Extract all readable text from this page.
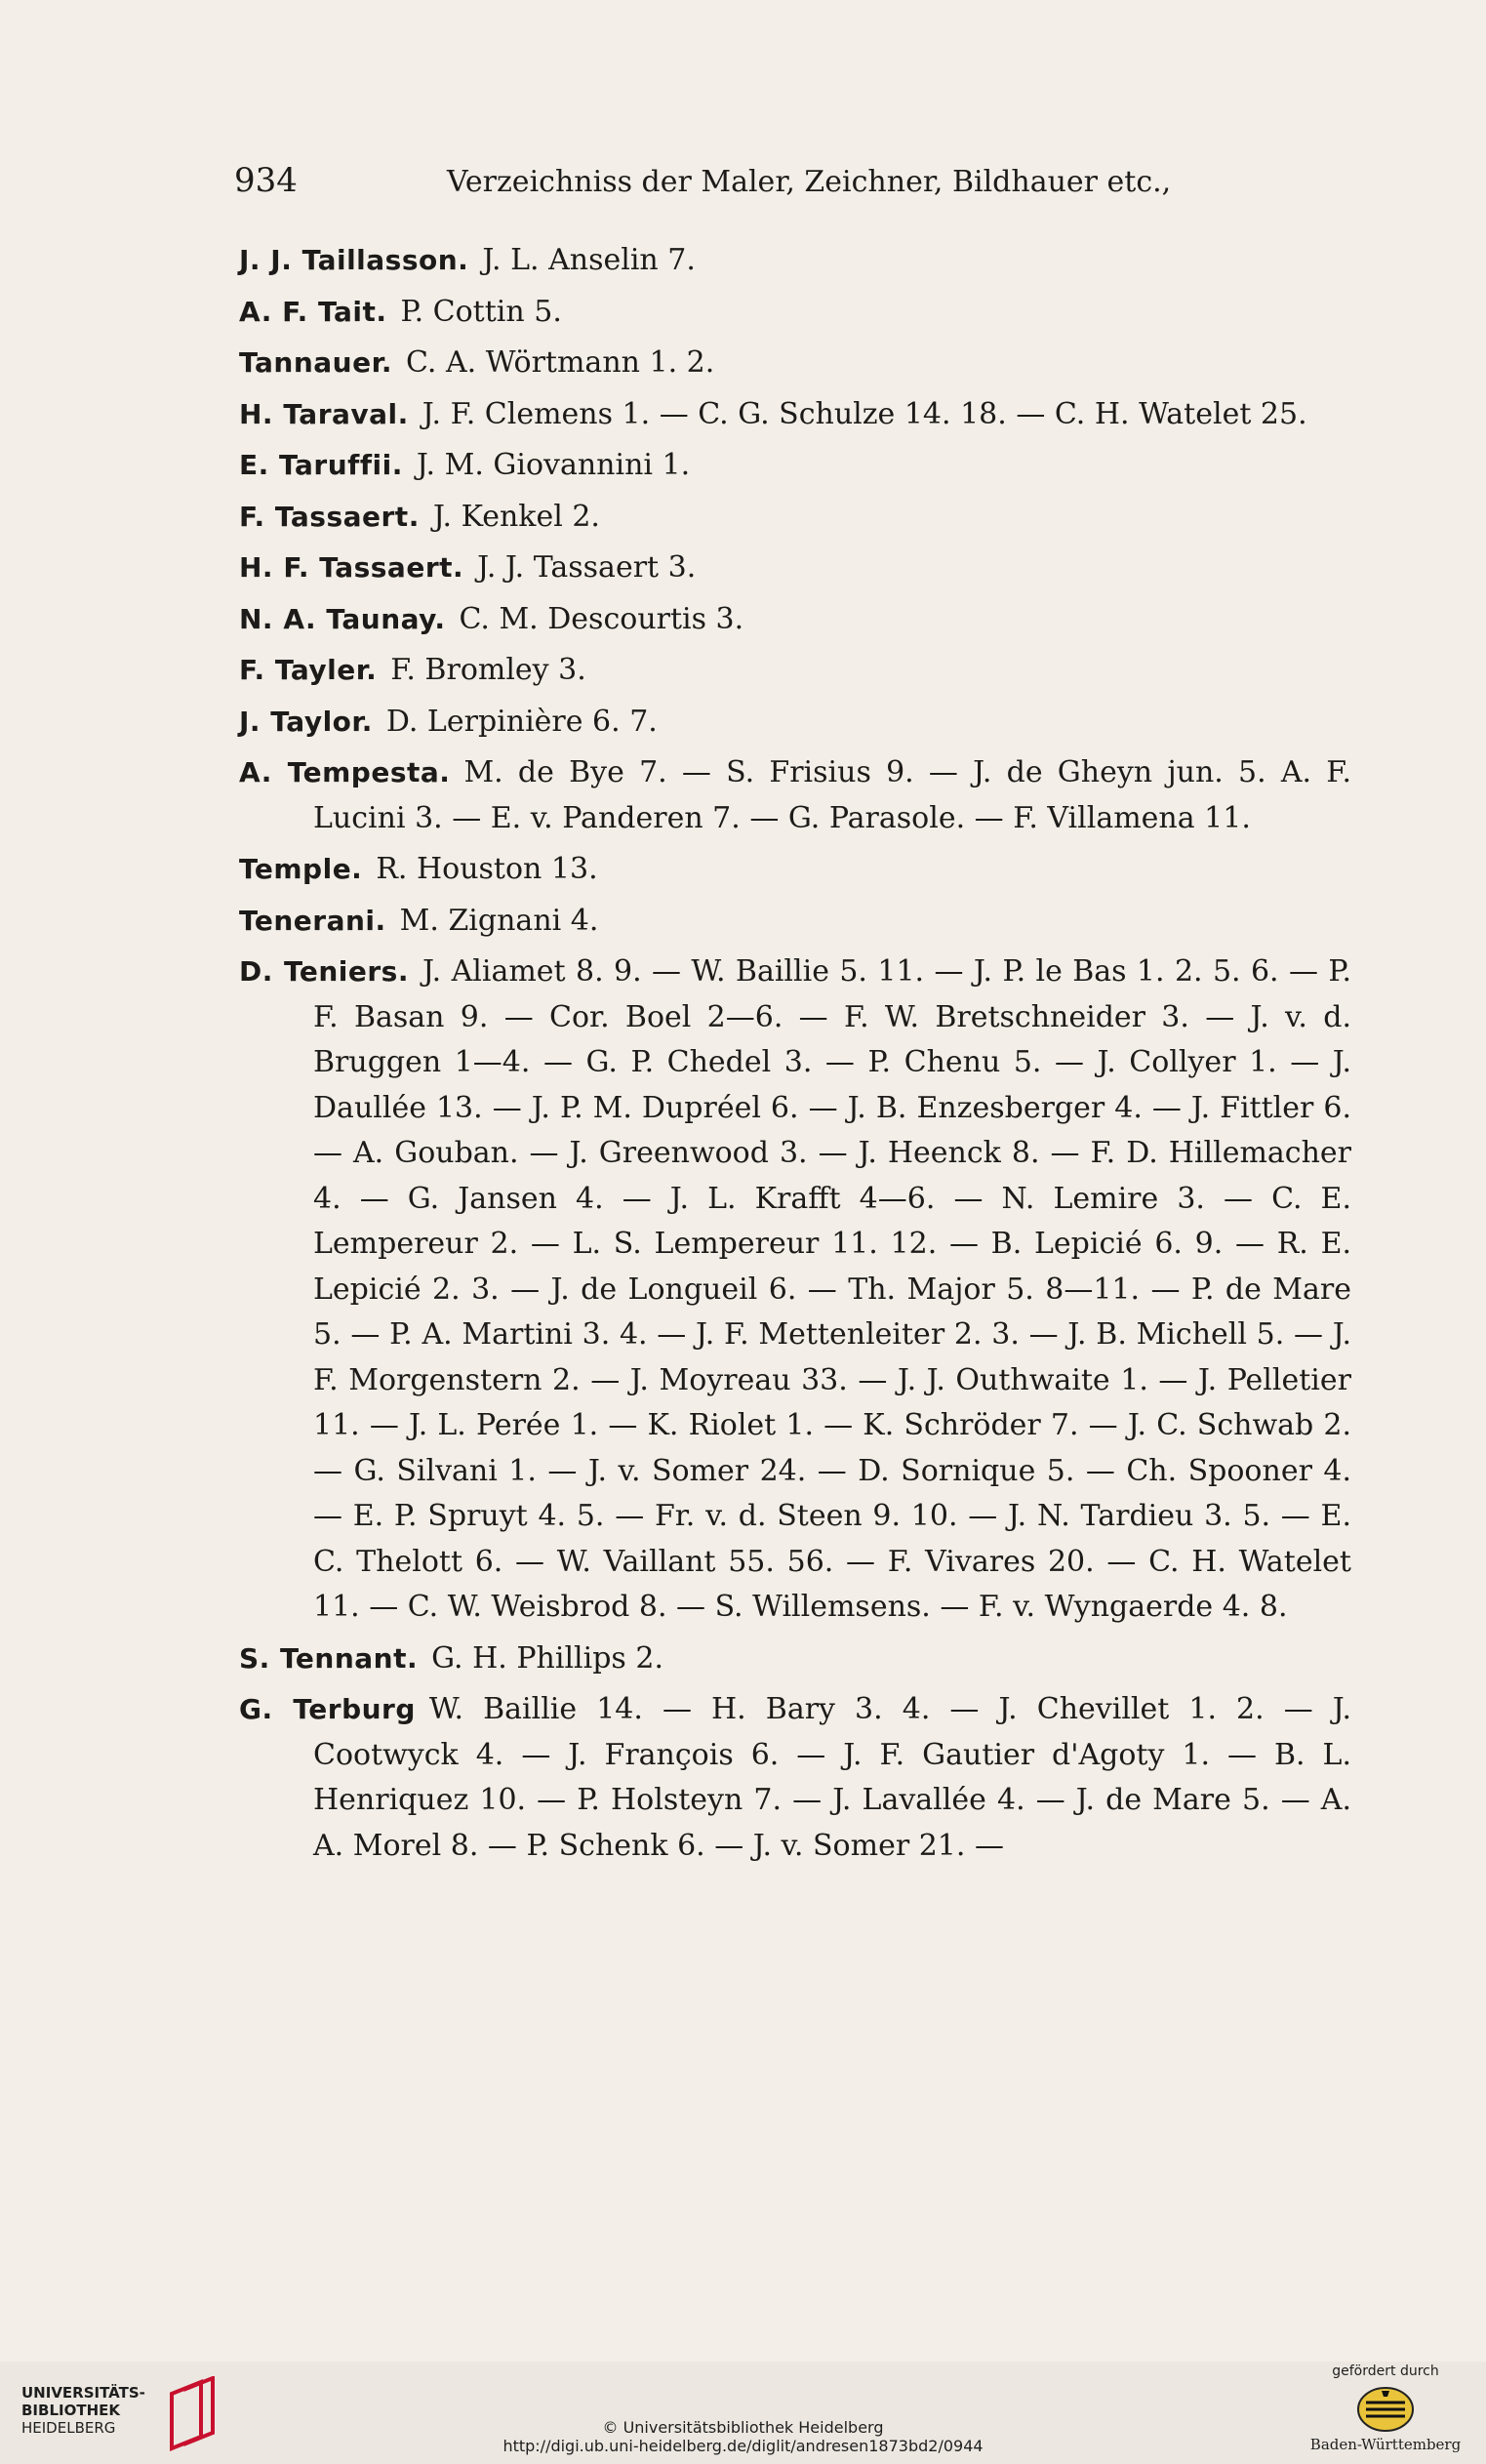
934	Verzeichniss der Maler, Zeichner, Bildhauer etc.,
J. J. Taillasson. J. L. Anselin 7.
A. F. Tait. P. Cottin 5.
Tannauer. C. A. Wörtmann 1. 2.
H. Taraval. J. F. Clemens 1. — C. G. Schulze 14. 18. — C. H. Watelet 25.
E. Taruffii. J. M. Giovannini 1.
F. Tassaert. J. Kenkel 2.
H. F. Tassaert. J. J. Tassaert 3.
N. A. Taunay. C. M. Descourtis 3.
F. Tayler. F. Bromley 3.
J. Taylor. D. Lerpinière 6. 7.
A. Tempesta. M. de Bye 7. — S. Frisius 9. — J. de Gheyn jun. 5. A. F. Lucini 3. — E. v. Panderen 7. — G. Parasole. — F. Villamena 11.
Temple. R. Houston 13.
Tenerani. M. Zignani 4.
D. Teniers. J. Aliamet 8. 9. — W. Baillie 5. 11. — J. P. le Bas 1. 2. 5. 6. — P. F. Basan 9. — Cor. Boel 2—6. — F. W. Bretschneider 3. — J. v. d. Bruggen 1—4. — G. P. Chedel 3. — P. Chenu 5. — J. Collyer 1. — J. Daullée 13. — J. P. M. Dupréel 6. — J. B. Enzesberger 4. — J. Fittler 6. — A. Gouban. — J. Greenwood 3. — J. Heenck 8. — F. D. Hillemacher 4. — G. Jansen 4. — J. L. Krafft 4—6. — N. Lemire 3. — C. E. Lempereur 2. — L. S. Lempereur 11. 12. — B. Lepicié 6. 9. — R. E. Lepicié 2. 3. — J. de Longueil 6. — Th. Major 5. 8—11. — P. de Mare 5. — P. A. Martini 3. 4. — J. F. Mettenleiter 2. 3. — J. B. Michell 5. — J. F. Morgenstern 2. — J. Moyreau 33. — J. J. Outhwaite 1. — J. Pelletier 11. — J. L. Perée 1. — K. Riolet 1. — K. Schröder 7. — J. C. Schwab 2. — G. Silvani 1. — J. v. Somer 24. — D. Sornique 5. — Ch. Spooner 4. — E. P. Spruyt 4. 5. — Fr. v. d. Steen 9. 10. — J. N. Tardieu 3. 5. — E. C. Thelott 6. — W. Vaillant 55. 56. — F. Vivares 20. — C. H. Watelet 11. — C. W. Weisbrod 8. — S. Willemsens. — F. v. Wyngaerde 4. 8.
S. Tennant. G. H. Phillips 2.
G. Terburg W. Baillie 14. — H. Bary 3. 4. — J. Chevillet 1. 2. — J. Cootwyck 4. — J. François 6. — J. F. Gautier d'Agoty 1. — B. L. Henriquez 10. — P. Holsteyn 7. — J. Lavallée 4. — J. de Mare 5. — A. A. Morel 8. — P. Schenk 6. — J. v. Somer 21. —
UNIVERSITÄTS-
BIBLIOTHEK
HEIDELBERG	© Universitätsbibliothek Heidelberg
http://digi.ub.uni-heidelberg.de/diglit/andresen1873bd2/0944
gefördert durch
Baden-Württemberg
